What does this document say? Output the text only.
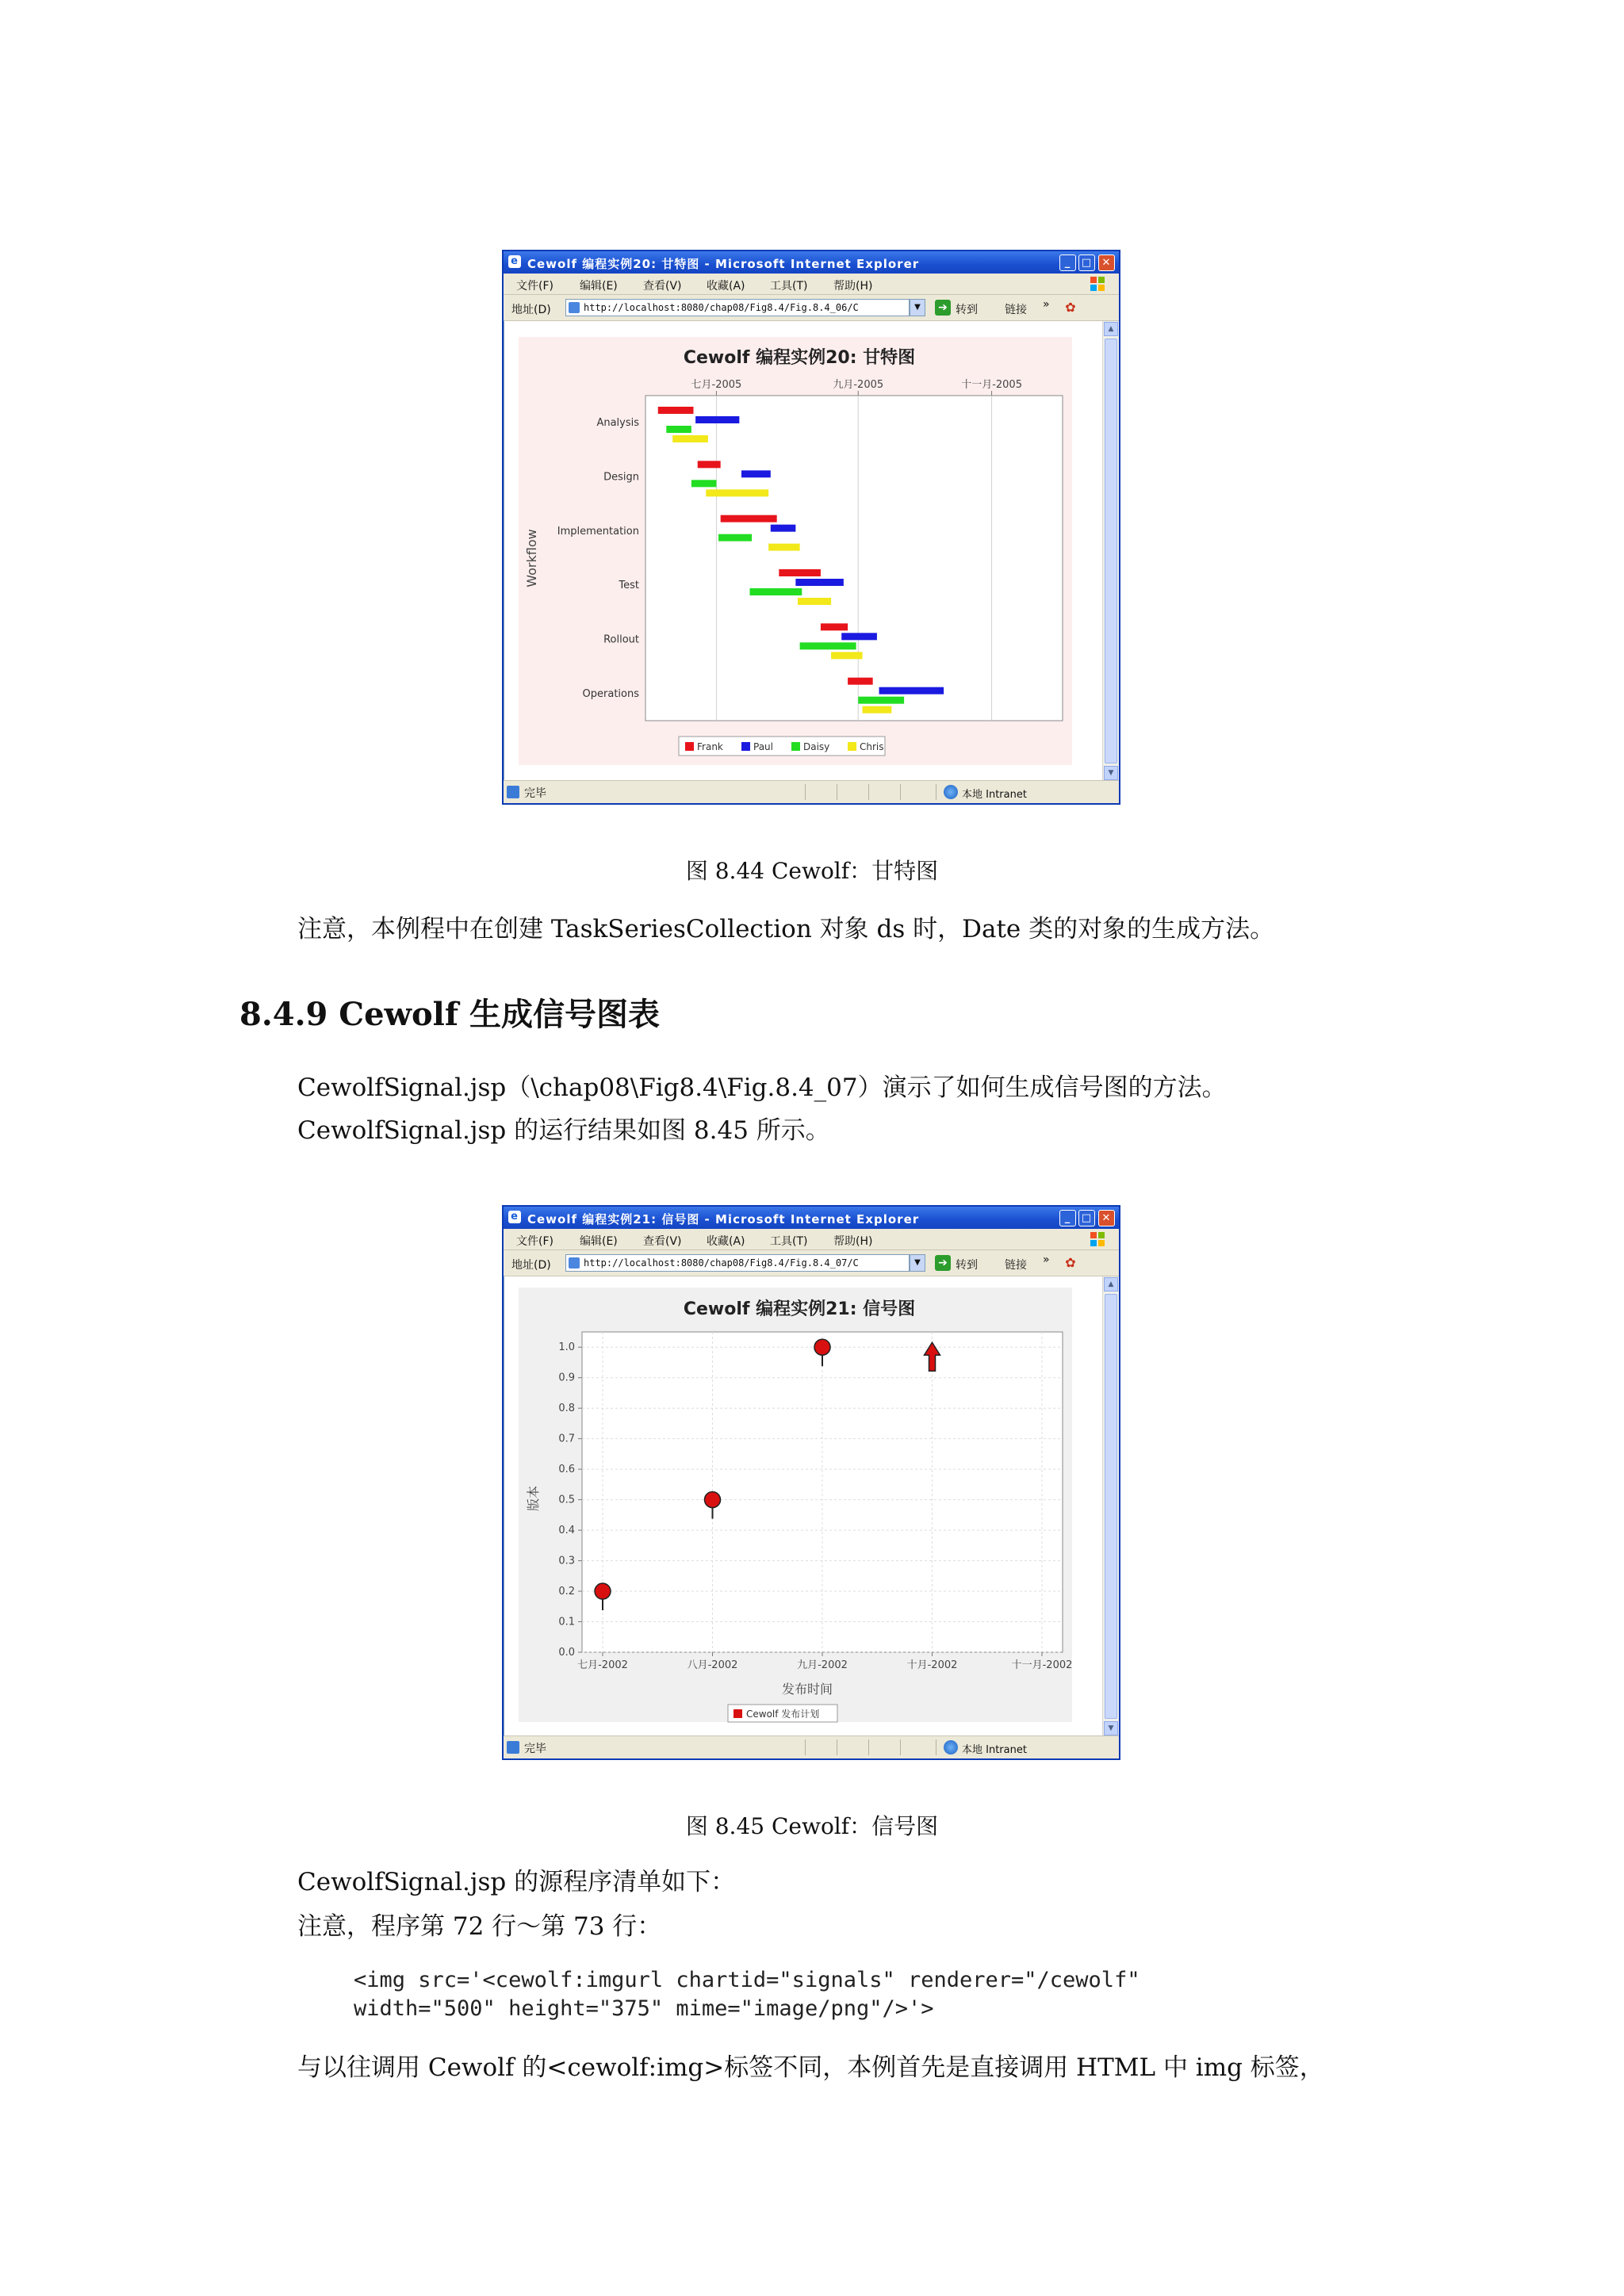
e Cewolf 编程实例20: 甘特图 - Microsoft Internet Explorer	_	□ ✕
文件(F) 编辑(E) 查看(V) 收藏(A) 工具(T) 帮助(H)
地址(D)	http://localhost:8080/chap08/Fig8.4/Fig.8.4_06/C	▼	➔ 转到 链接 » ✿
Cewolf 编程实例20: 甘特图
七月-2005	九月-2005	十一月-2005
Analysis
Design
Implementation
Test
Rollout
Operations
Workflow
Frank	Paul	Daisy	Chris
▲
▼
完毕	本地 Intranet
图 8.44 Cewolf：甘特图
注意，本例程中在创建 TaskSeriesCollection 对象 ds 时，Date 类的对象的生成方法。
8.4.9 Cewolf 生成信号图表
CewolfSignal.jsp（\chap08\Fig8.4\Fig.8.4_07）演示了如何生成信号图的方法。
CewolfSignal.jsp 的运行结果如图 8.45 所示。
e Cewolf 编程实例21: 信号图 - Microsoft Internet Explorer	_	□ ✕
文件(F) 编辑(E) 查看(V) 收藏(A) 工具(T) 帮助(H)
地址(D)	http://localhost:8080/chap08/Fig8.4/Fig.8.4_07/C	▼	➔ 转到 链接 » ✿
Cewolf 编程实例21: 信号图
0.0
0.1
0.2
0.3
0.4
0.5
0.6
0.7
0.8
0.9
1.0
七月-2002	八月-2002	九月-2002	十月-2002	十一月-2002
发布时间
版本
Cewolf 发布计划
▲
▼
完毕	本地 Intranet
图 8.45 Cewolf：信号图
CewolfSignal.jsp 的源程序清单如下：
注意，程序第 72 行～第 73 行：
<img src='<cewolf:imgurl chartid="signals" renderer="/cewolf"
width="500" height="375" mime="image/png"/>'>
与以往调用 Cewolf 的<cewolf:img>标签不同，本例首先是直接调用 HTML 中 img 标签，
